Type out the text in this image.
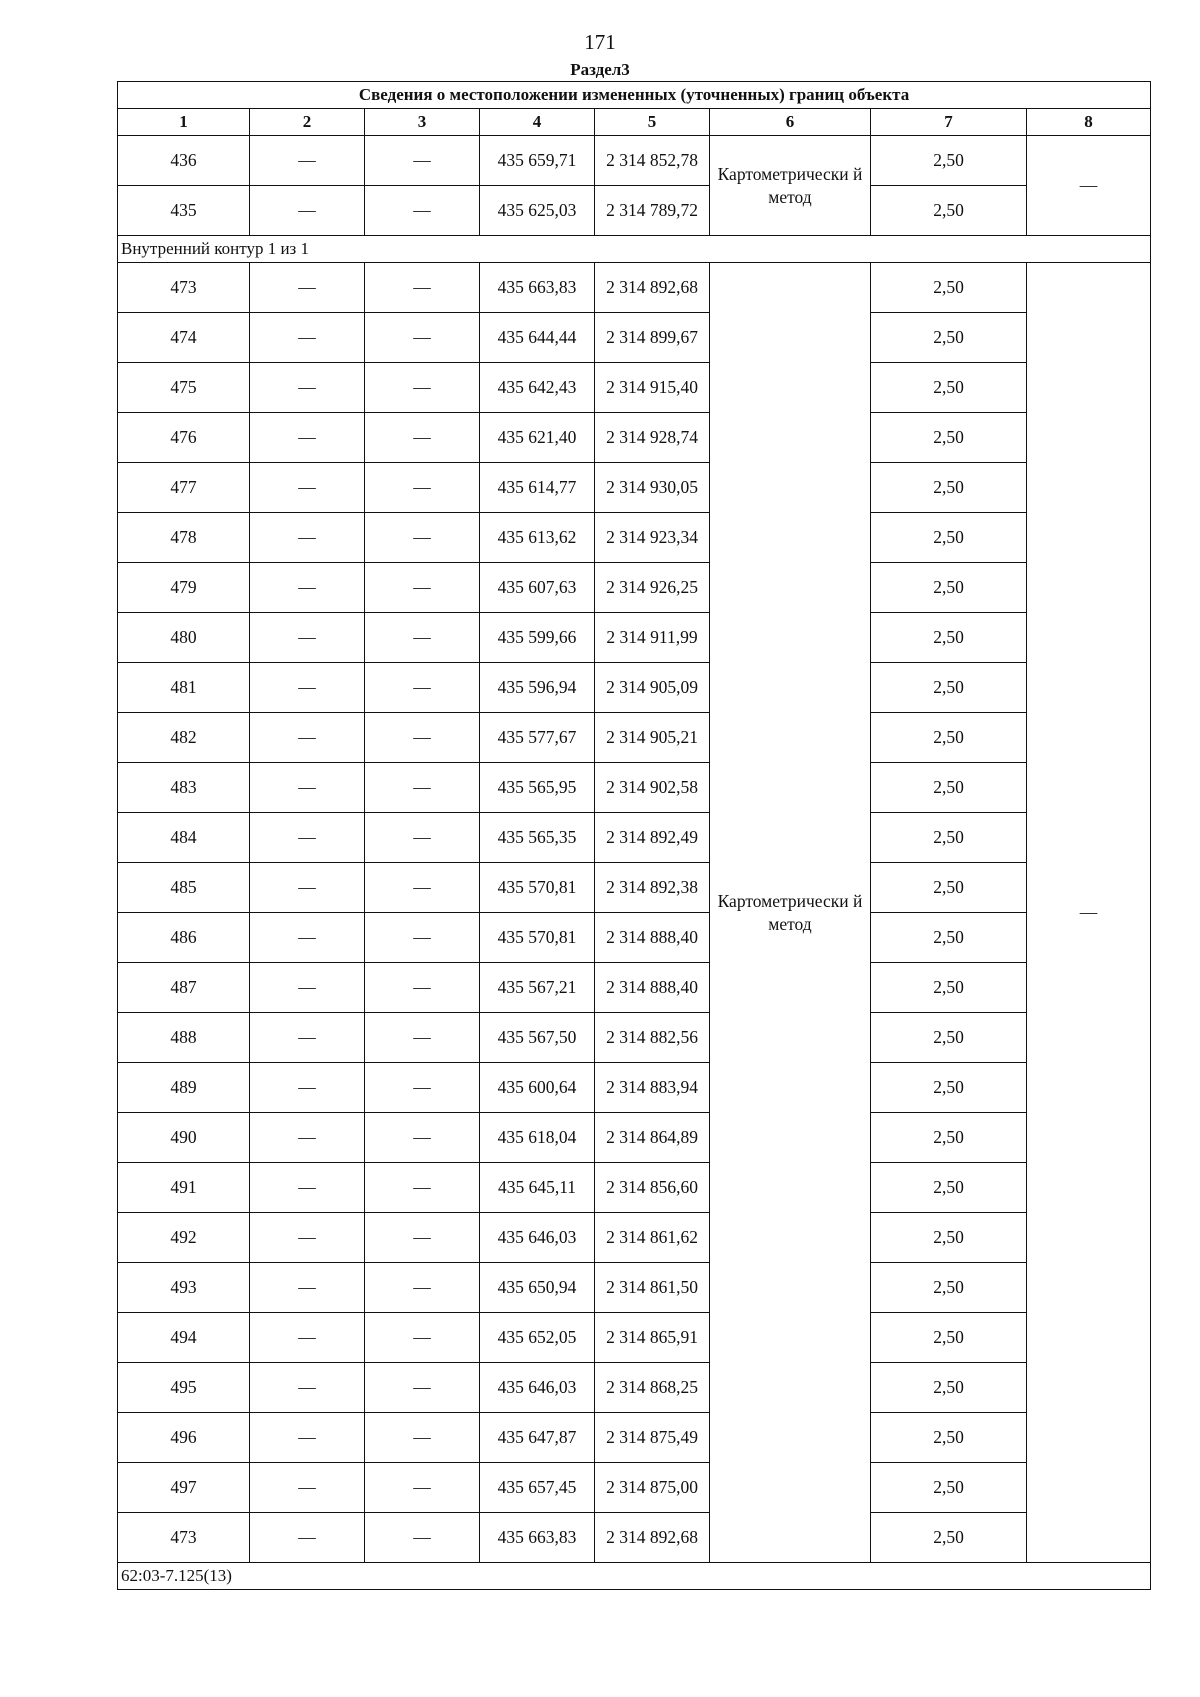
171
Раздел3
Сведения о местоположении измененных (уточненных) границ объекта							
1	2	3	4	5	6	7	8
436	—	—	435 659,71	2 314 852,78	Картометрически й метод	2,50	—
435	—	—	435 625,03	2 314 789,72		2,50	
Внутренний контур 1 из 1							
473	—	—	435 663,83	2 314 892,68	Картометрически й метод	2,50	—
474	—	—	435 644,44	2 314 899,67		2,50	
475	—	—	435 642,43	2 314 915,40		2,50	
476	—	—	435 621,40	2 314 928,74		2,50	
477	—	—	435 614,77	2 314 930,05		2,50	
478	—	—	435 613,62	2 314 923,34		2,50	
479	—	—	435 607,63	2 314 926,25		2,50	
480	—	—	435 599,66	2 314 911,99		2,50	
481	—	—	435 596,94	2 314 905,09		2,50	
482	—	—	435 577,67	2 314 905,21		2,50	
483	—	—	435 565,95	2 314 902,58		2,50	
484	—	—	435 565,35	2 314 892,49		2,50	
485	—	—	435 570,81	2 314 892,38		2,50	
486	—	—	435 570,81	2 314 888,40		2,50	
487	—	—	435 567,21	2 314 888,40		2,50	
488	—	—	435 567,50	2 314 882,56		2,50	
489	—	—	435 600,64	2 314 883,94		2,50	
490	—	—	435 618,04	2 314 864,89		2,50	
491	—	—	435 645,11	2 314 856,60		2,50	
492	—	—	435 646,03	2 314 861,62		2,50	
493	—	—	435 650,94	2 314 861,50		2,50	
494	—	—	435 652,05	2 314 865,91		2,50	
495	—	—	435 646,03	2 314 868,25		2,50	
496	—	—	435 647,87	2 314 875,49		2,50	
497	—	—	435 657,45	2 314 875,00		2,50	
473	—	—	435 663,83	2 314 892,68		2,50	
62:03-7.125(13)							
